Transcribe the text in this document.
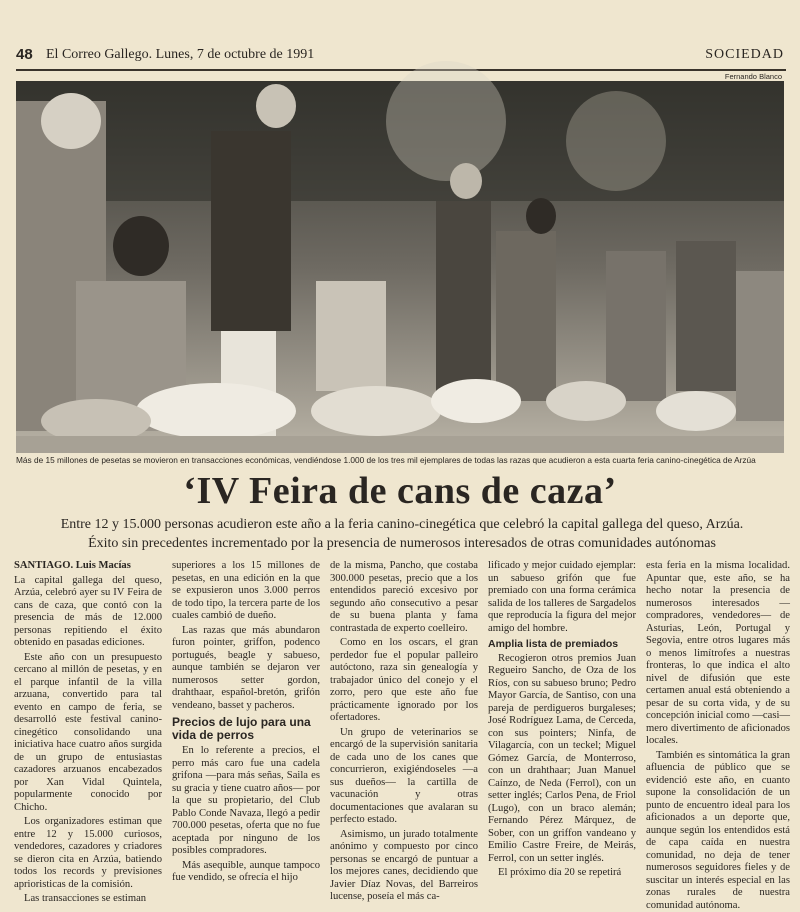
48 El Correo Gallego. Lunes, 7 de octubre de 1991	SOCIEDAD
Fernando Blanco
Más de 15 millones de pesetas se movieron en transacciones económicas, vendiéndose 1.000 de los tres mil ejemplares de todas las razas que acudieron a esta cuarta feria canino-cinegética de Arzúa
‘IV Feira de cans de caza’
Entre 12 y 15.000 personas acudieron este año a la feria canino-cinegética que celebró la capital gallega del queso, Arzúa.
Éxito sin precedentes incrementado por la presencia de numerosos interesados de otras comunidades autónomas

SANTIAGO. Luis Macías

La capital gallega del queso, Arzúa, celebró ayer su IV Feira de cans de caza, que contó con la presencia de más de 12.000 personas repitiendo el éxito obtenido en pasadas ediciones.

Este año con un presupuesto cercano al millón de pesetas, y en el parque infantil de la villa arzuana, convertido para tal evento en campo de feria, se desarrolló este festival canino-cinegético consolidando una iniciativa hace cuatro años surgida de un grupo de entusiastas cazadores arzuanos encabezados por Xan Vidal Quintela, popularmente conocido por Chicho.

Los organizadores estiman que entre 12 y 15.000 curiosos, vendedores, cazadores y criadores se dieron cita en Arzúa, batiendo todos los records y previsiones aprioristicas de la comisión.

Las transacciones se estiman

superiores a los 15 millones de pesetas, en una edición en la que se expusieron unos 3.000 perros de todo tipo, la tercera parte de los cuales cambió de dueño.

Las razas que más abundaron furon pointer, griffon, podenco portugués, beagle y sabueso, aunque también se dejaron ver numerosos setter gordon, drahthaar, español-bretón, grifón vendeano, basset y pacheros.

Precios de lujo para una vida de perros

En lo referente a precios, el perro más caro fue una cadela grifona —para más señas, Saila es su gracia y tiene cuatro años— por la que su propietario, del Club Pablo Conde Navaza, llegó a pedir 700.000 pesetas, oferta que no fue aceptada por ninguno de los posibles compradores.

Más asequible, aunque tampoco fue vendido, se ofrecía el hijo

de la misma, Pancho, que costaba 300.000 pesetas, precio que a los entendidos pareció excesivo por segundo año consecutivo a pesar de su buena planta y fama contrastada de experto coelleiro.

Como en los oscars, el gran perdedor fue el popular palleiro autóctono, raza sin genealogía y trabajador único del conejo y el zorro, pero que este año fue prácticamente ignorado por los ofertadores.

Un grupo de veterinarios se encargó de la supervisión sanitaria de cada uno de los canes que concurrieron, exigiéndoseles —a sus dueños— la cartilla de vacunación y otras documentaciones que avalaran su perfecto estado.

Asimismo, un jurado totalmente anónimo y compuesto por cinco personas se encargó de puntuar a los mejores canes, decidiendo que Javier Díaz Novas, del Barreiros lucense, poseía el más ca-

lificado y mejor cuidado ejemplar: un sabueso grifón que fue premiado con una forma cerámica salida de los talleres de Sargadelos que reproducía la figura del mejor amigo del hombre.

Amplia lista de premiados

Recogieron otros premios Juan Regueiro Sancho, de Oza de los Ríos, con su sabueso bruno; Pedro Mayor García, de Santiso, con una pareja de perdigueros burgaleses; José Rodríguez Lama, de Cerceda, con sus pointers; Ninfa, de Vilagarcía, con un teckel; Miguel Gómez García, de Monterroso, con un drahthaar; Juan Manuel Caínzo, de Neda (Ferrol), con un setter inglés; Carlos Pena, de Friol (Lugo), con un braco alemán; Fernando Pérez Márquez, de Sober, con un griffon vandeano y Emilio Castre Freire, de Meirás, Ferrol, con un setter inglés.

El próximo día 20 se repetirá

esta feria en la misma localidad. Apuntar que, este año, se ha hecho notar la presencia de numerosos interesados —compradores, vendedores— de Asturias, León, Portugal y Segovia, entre otros lugares más o menos limítrofes a nuestras fronteras, lo que indica el alto nivel de difusión que este certamen anual está obteniendo a pesar de su corta vida, y de su concepción inicial como —casi— mero divertimento de aficionados locales.

También es sintomática la gran afluencia de público que se evidenció este año, en cuanto supone la consolidación de un punto de encuentro ideal para los aficionados a un deporte que, aunque según los entendidos está de capa caída en nuestra comunidad, no deja de tener numerosos seguidores fieles y de suscitar un interés especial en las zonas rurales de nuestra comunidad autónoma.
